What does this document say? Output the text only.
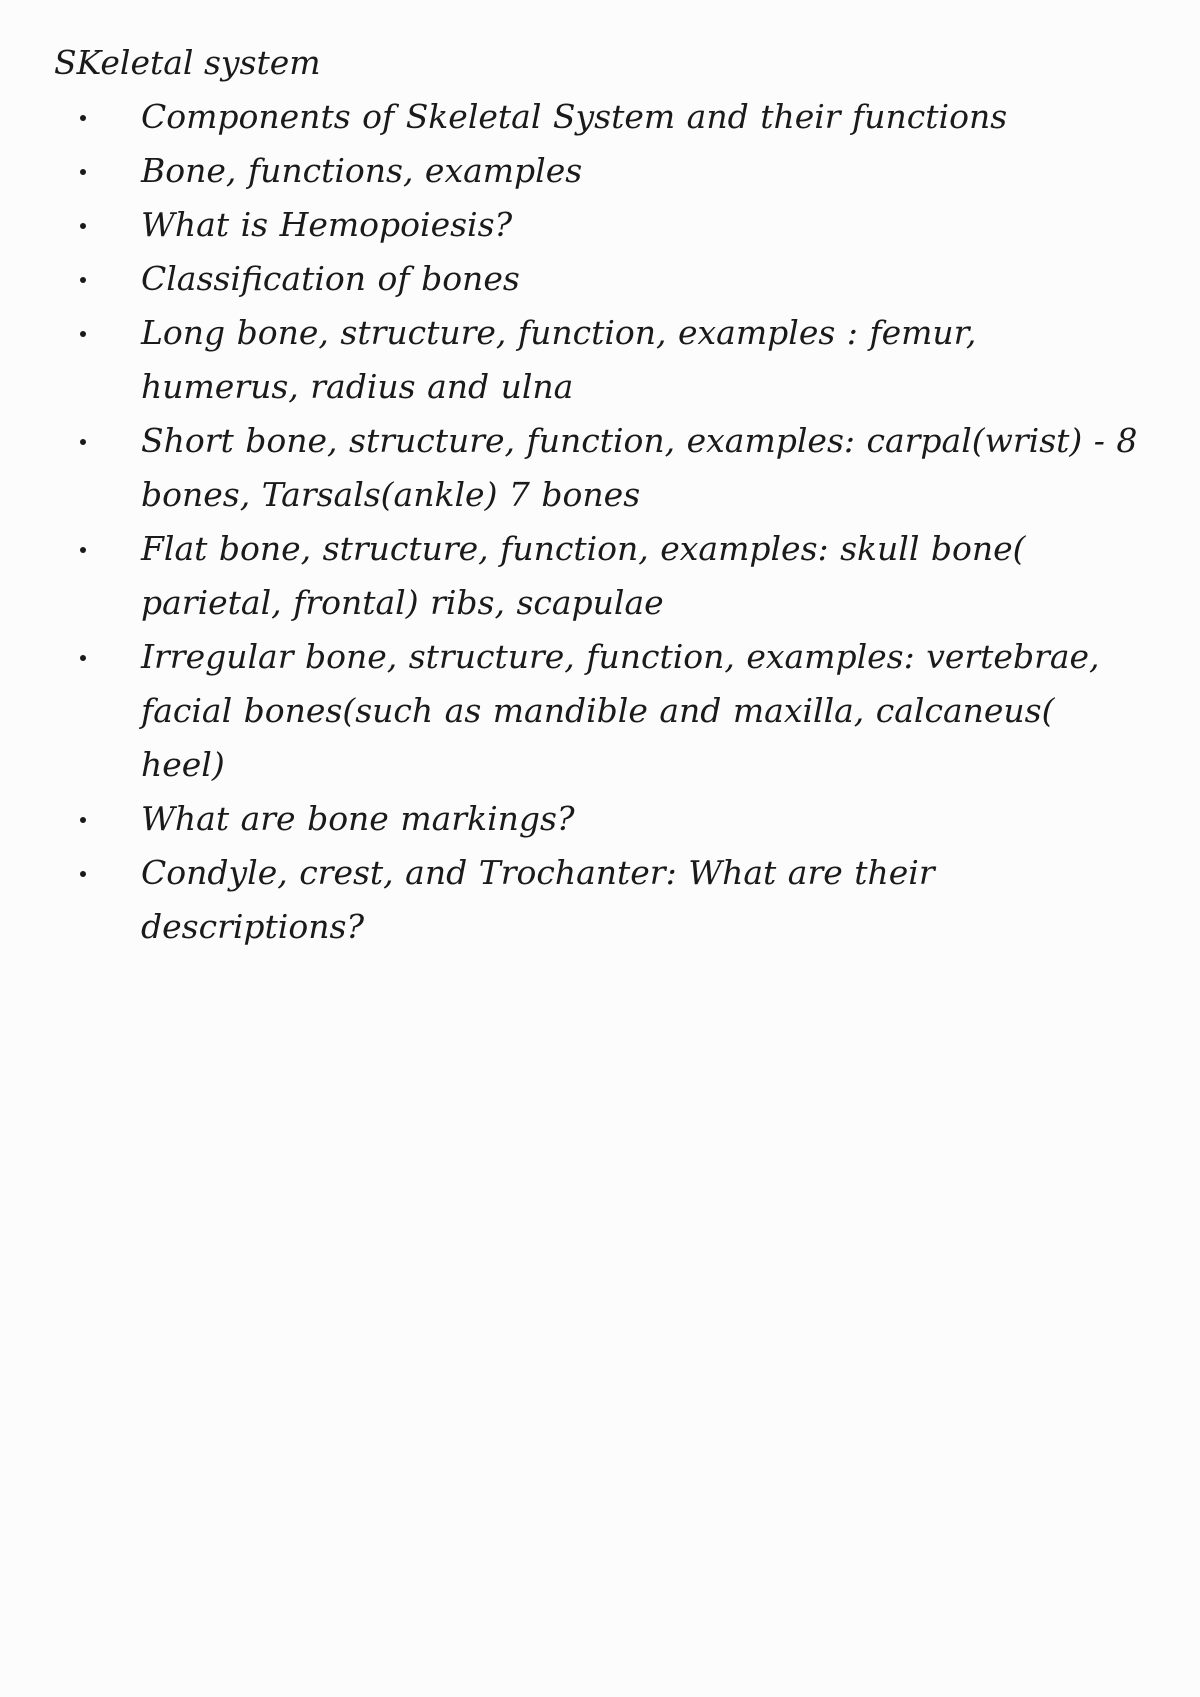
SKeletal system
Components of Skeletal System and their functions
Bone, functions, examples
What is Hemopoiesis?
Classification of bones
Long bone, structure, function, examples : femur, humerus, radius and ulna
Short bone, structure, function, examples: carpal(wrist) - 8 bones, Tarsals(ankle) 7 bones
Flat bone, structure, function, examples: skull bone( parietal, frontal) ribs, scapulae
Irregular bone, structure, function, examples: vertebrae, facial bones(such as mandible and maxilla, calcaneus( heel)
What are bone markings?
Condyle, crest, and Trochanter: What are their descriptions?
